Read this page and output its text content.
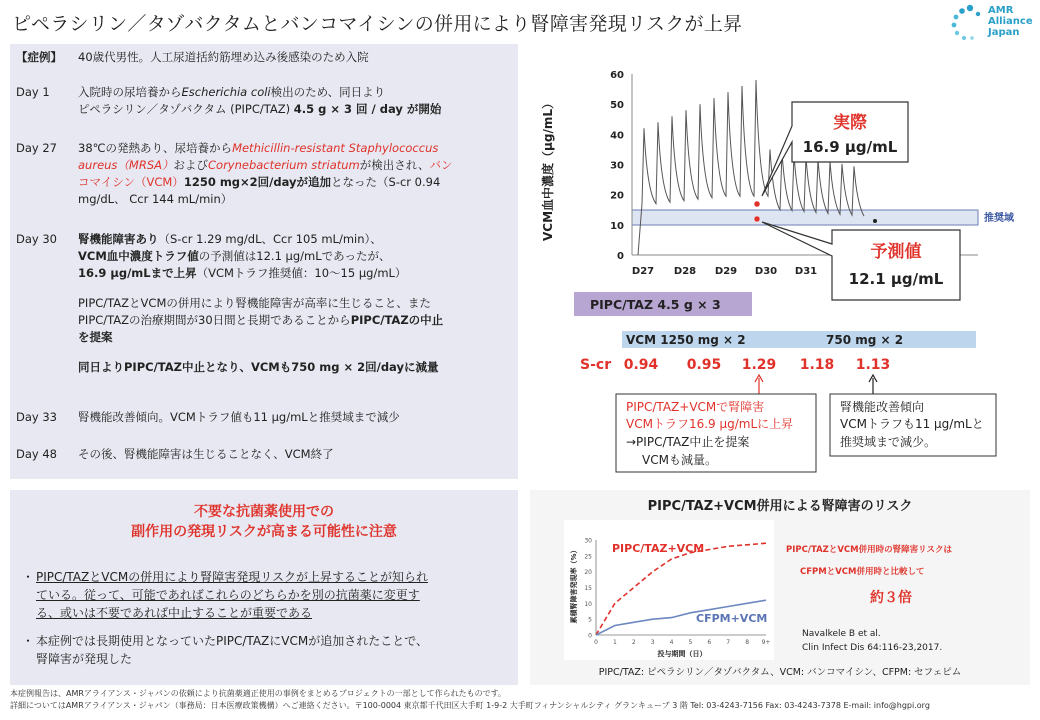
ピペラシリン／タゾバクタムとバンコマイシンの併用により腎障害発現リスクが上昇
AMR
Alliance
Japan
【症例】 40歳代男性。人工尿道括約筋埋め込み後感染のため入院
Day 1 入院時の尿培養からEscherichia coli検出のため、同日より
ピペラシリン／タゾバクタム (PIPC/TAZ) 4.5 g × 3 回 / day が開始
Day 27 38℃の発熱あり、尿培養からMethicillin-resistant Staphylococcus
aureus（MRSA）およびCorynebacterium striatumが検出され、バン
コマイシン（VCM）1250 mg×2回/dayが追加となった（S-cr 0.94
mg/dL、 Ccr 144 mL/min）
Day 30 腎機能障害あり（S-cr 1.29 mg/dL、Ccr 105 mL/min）、
VCM血中濃度トラフ値の予測値は12.1 μg/mLであったが、
16.9 μg/mLまで上昇（VCMトラフ推奨値：10～15 μg/mL）

PIPC/TAZとVCMの併用により腎機能障害が高率に生じること、また
PIPC/TAZの治療期間が30日間と長期であることからPIPC/TAZの中止
を提案

同日よりPIPC/TAZ中止となり、VCMも750 mg × 2回/dayに減量
Day 33 腎機能改善傾向。VCMトラフ値も11 μg/mLと推奨域まで減少
Day 48 その後、腎機能障害は生じることなく、VCM終了
不要な抗菌薬使用での
副作用の発現リスクが高まる可能性に注意
・ PIPC/TAZとVCMの併用により腎障害発現リスクが上昇することが知られ
ている。従って、可能であればこれらのどちらかを別の抗菌薬に変更す
る、或いは不要であれば中止することが重要である
・ 本症例では長期使用となっていたPIPC/TAZにVCMが追加されたことで、
腎障害が発現した
VCM血中濃度（μg/mL）	推奨域
60
50
40
30
20
10
0
D27 D28 D29 D30 D31
実際
16.9 μg/mL
予測値
12.1 μg/mL
PIPC/TAZ 4.5 g × 3
VCM 1250 mg × 2	750 mg × 2
S-cr 0.94 0.95 1.29 1.18 1.13
PIPC/TAZ+VCMで腎障害
VCMトラフ16.9 μg/mLに上昇
→PIPC/TAZ中止を提案
VCMも減量。
腎機能改善傾向
VCMトラフも11 μg/mLと
推奨域まで減少。
PIPC/TAZ+VCM併用による腎障害のリスク
累積腎障害発現率（%）
30
25
20
15
10
5
0
0	1	2	3	4	5	6	7	8 9+
投与期間（日）
PIPC/TAZ+VCM
CFPM+VCM
PIPC/TAZとVCM併用時の腎障害リスクは
CFPMとVCM併用時と比較して
約３倍
Navalkele B et al.
Clin Infect Dis 64:116-23,2017.
PIPC/TAZ: ピペラシリン／タゾバクタム、VCM: バンコマイシン、CFPM: セフェピム
本症例報告は、AMRアライアンス・ジャパンの依頼により抗菌薬適正使用の事例をまとめるプロジェクトの一部として作られたものです。
詳細についてはAMRアライアンス・ジャパン（事務局：日本医療政策機構）へご連絡ください。〒100-0004 東京都千代田区大手町 1-9-2 大手町フィナンシャルシティ グランキューブ 3 階 Tel: 03-4243-7156 Fax: 03-4243-7378 E-mail: info@hgpi.org
